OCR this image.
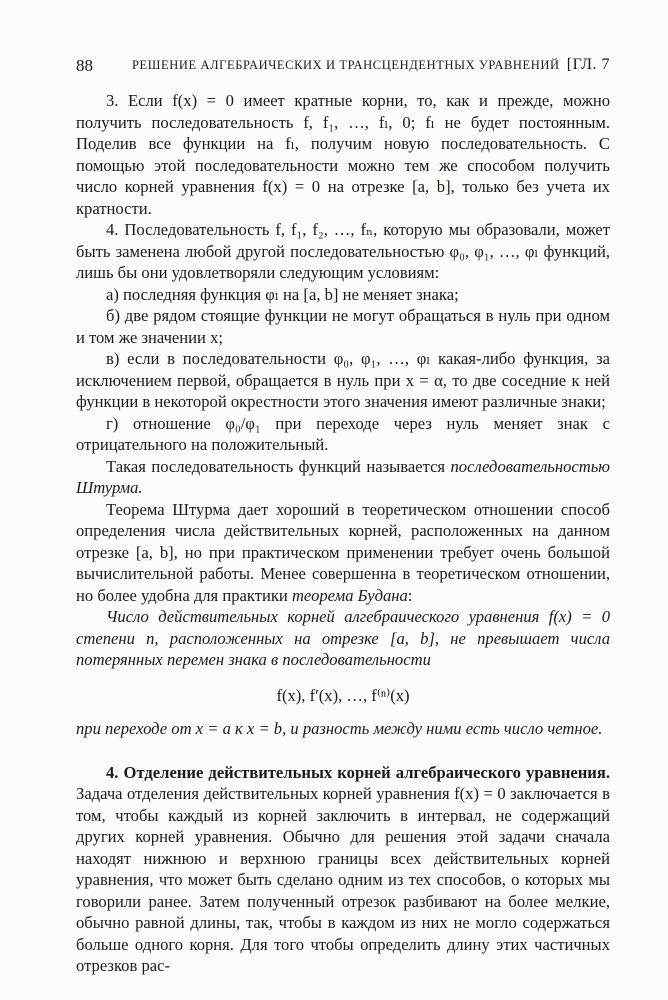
88	РЕШЕНИЕ АЛГЕБРАИЧЕСКИХ И ТРАНСЦЕНДЕНТНЫХ УРАВНЕНИЙ [ГЛ. 7

3. Если f(x) = 0 имеет кратные корни, то, как и прежде, можно получить последовательность f, f₁, …, fₗ, 0; fₗ не будет постоянным. Поделив все функции на fₗ, получим новую последовательность. С помощью этой последовательности можно тем же способом получить число корней уравнения f(x) = 0 на отрезке [a, b], только без учета их кратности.

4. Последовательность f, f₁, f₂, …, fₙ, которую мы образовали, может быть заменена любой другой последовательностью φ₀, φ₁, …, φₗ функций, лишь бы они удовлетворяли следующим условиям:

а) последняя функция φₗ на [a, b] не меняет знака;

б) две рядом стоящие функции не могут обращаться в нуль при одном и том же значении x;

в) если в последовательности φ₀, φ₁, …, φₗ какая-либо функция, за исключением первой, обращается в нуль при x = α, то две соседние к ней функции в некоторой окрестности этого значения имеют различные знаки;

г) отношение φ₀/φ₁ при переходе через нуль меняет знак с отрицательного на положительный.

Такая последовательность функций называется последовательностью Штурма.

Теорема Штурма дает хороший в теоретическом отношении способ определения числа действительных корней, расположенных на данном отрезке [a, b], но при практическом применении требует очень большой вычислительной работы. Менее совершенна в теоретическом отношении, но более удобна для практики теорема Будана:

Число действительных корней алгебраического уравнения f(x) = 0 степени n, расположенных на отрезке [a, b], не превышает числа потерянных перемен знака в последовательности

f(x), f′(x), …, f⁽ⁿ⁾(x)

при переходе от x = a к x = b, и разность между ними есть число четное.

4. Отделение действительных корней алгебраического уравнения. Задача отделения действительных корней уравнения f(x) = 0 заключается в том, чтобы каждый из корней заключить в интервал, не содержащий других корней уравнения. Обычно для решения этой задачи сначала находят нижнюю и верхнюю границы всех действительных корней уравнения, что может быть сделано одним из тех способов, о которых мы говорили ранее. Затем полученный отрезок разбивают на более мелкие, обычно равной длины, так, чтобы в каждом из них не могло содержаться больше одного корня. Для того чтобы определить длину этих частичных отрезков рас-
